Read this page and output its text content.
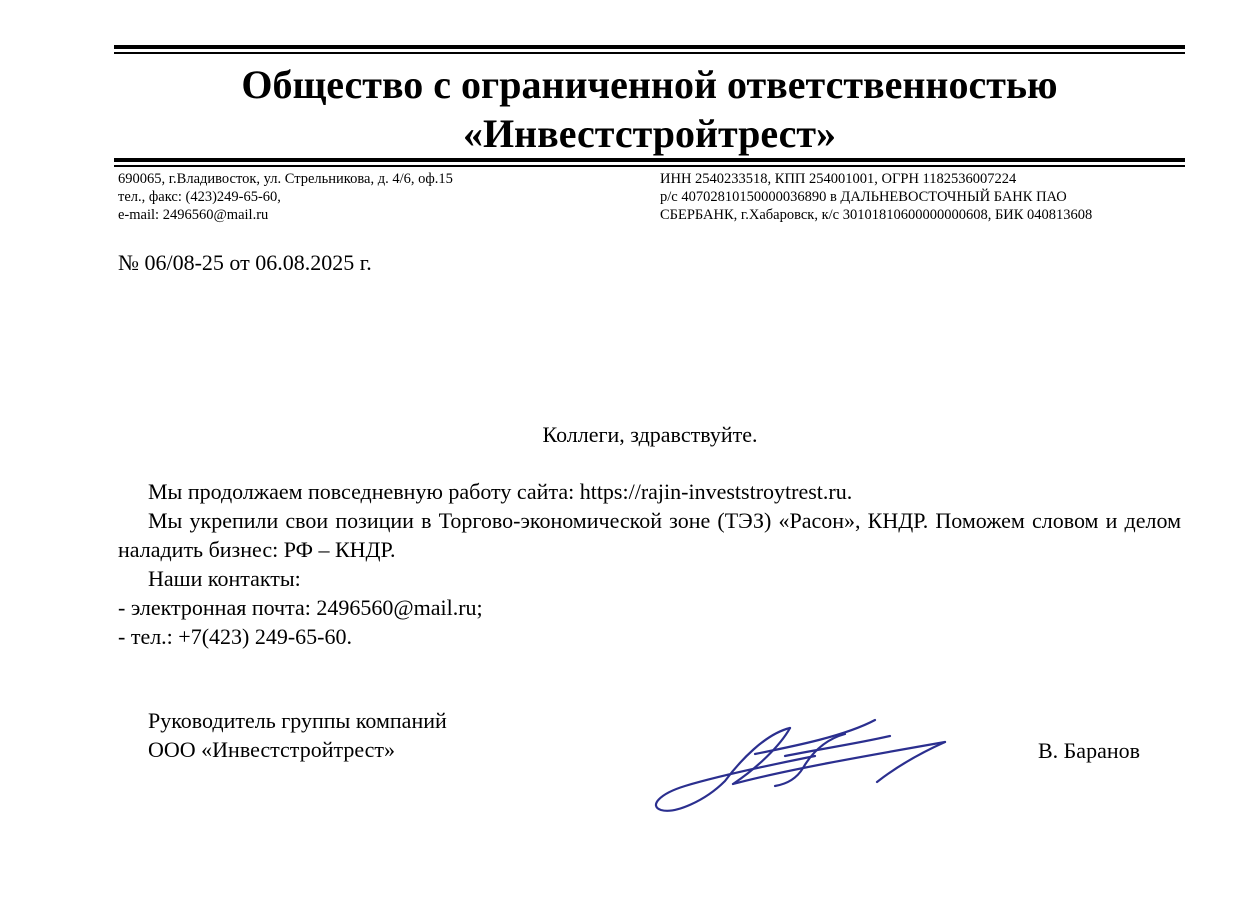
Общество с ограниченной ответственностью
«Инвестстройтрест»
690065, г.Владивосток, ул. Стрельникова, д. 4/6, оф.15
тел., факс: (423)249-65-60,
e-mail: 2496560@mail.ru
ИНН 2540233518, КПП 254001001, ОГРН 1182536007224
р/с 40702810150000036890 в ДАЛЬНЕВОСТОЧНЫЙ БАНК ПАО
СБЕРБАНК, г.Хабаровск, к/с 30101810600000000608, БИК 040813608
№ 06/08-25 от 06.08.2025 г.
Коллеги, здравствуйте.

Мы продолжаем повседневную работу сайта: https://rajin-investstroytrest.ru.

Мы укрепили свои позиции в Торгово-экономической зоне (ТЭЗ) «Расон», КНДР. Поможем словом и делом наладить бизнес: РФ – КНДР.

Наши контакты:

- электронная почта: 2496560@mail.ru;

- тел.: +7(423) 249-65-60.

Руководитель группы компаний
ООО «Инвестстройтрест»	В. Баранов
